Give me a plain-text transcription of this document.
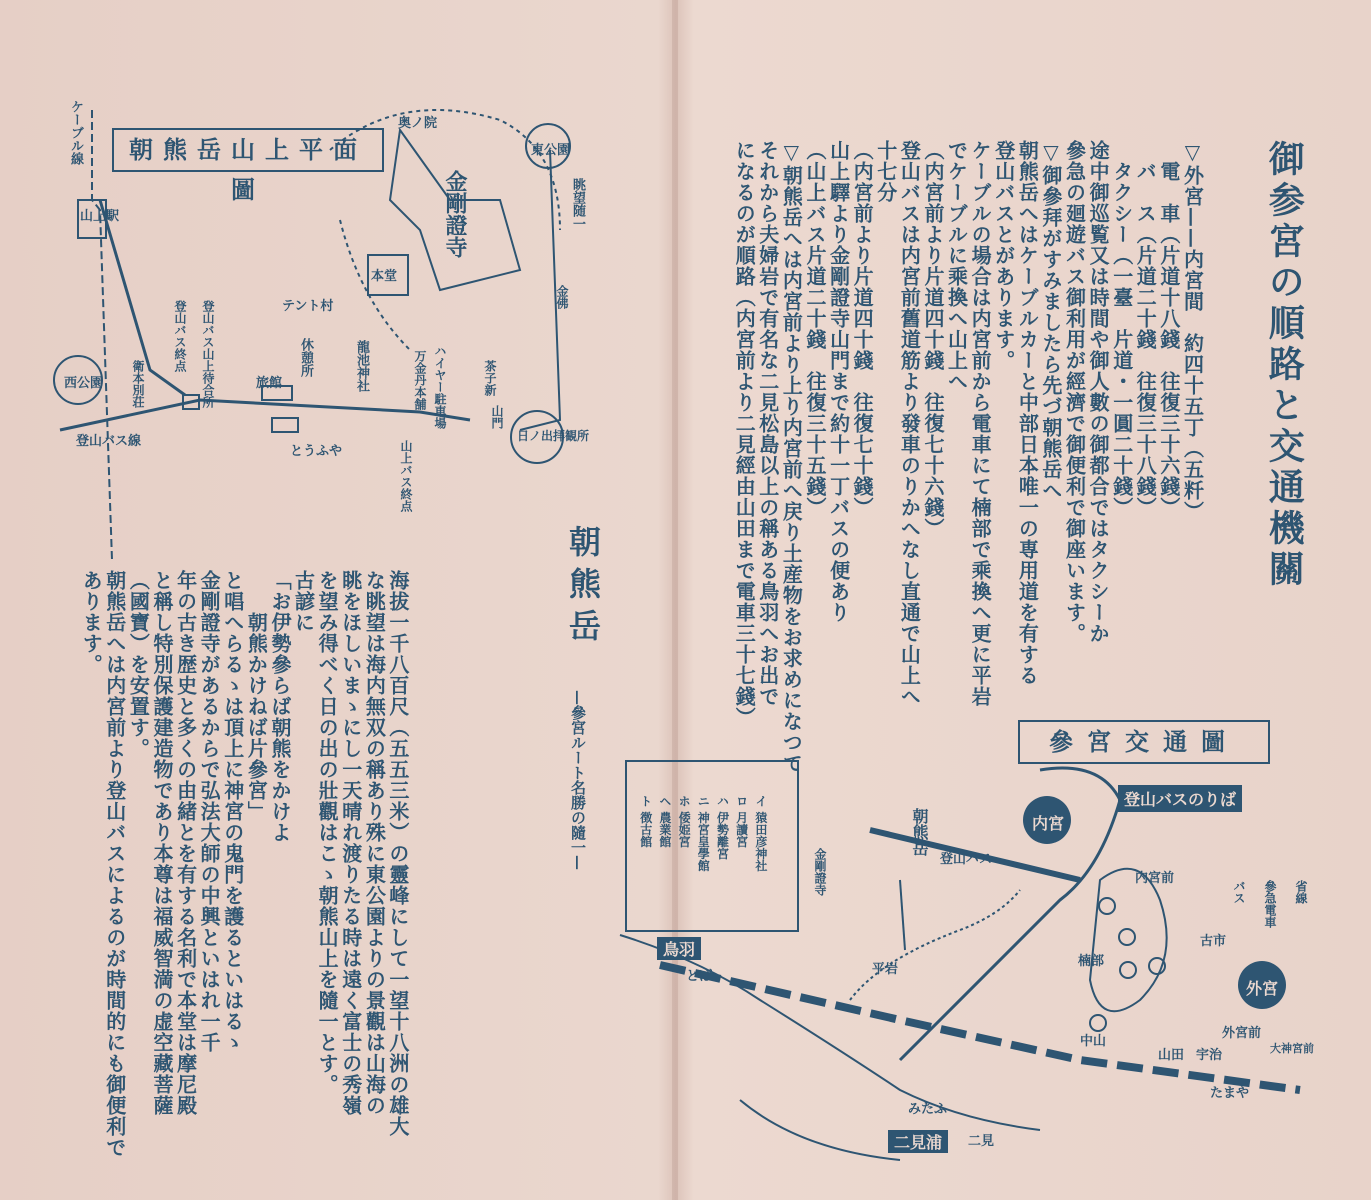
御参宮の順路と交通機關

▽外宮——内宮間　約四十五丁（五粁）
　電　車（片道十八錢　往復三十六錢）
　バ　ス（片道二十錢　往復三十八錢）
　タクシー（一臺　片道・一圓二十錢）
途中御巡覧又は時間や御人數の御都合ではタクシーか
參急の廻遊バス御利用が經濟で御便利で御座います。
▽御參拜がすみましたら先づ朝熊岳へ
朝熊岳へはケーブルカーと中部日本唯一の専用道を有する
登山バスとがあります。
ケーブルの場合は内宮前から電車にて楠部で乘換へ更に平岩
でケーブルに乘換へ山上へ
（内宮前より片道四十錢　往復七十六錢）
登山バスは内宮前舊道筋より發車のりかへなし直通で山上へ
十七分
（内宮前より片道四十錢　往復七十錢）
山上驛より金剛證寺山門まで約十一丁バスの便あり
（山上バス片道二十錢　往復三十五錢）
▽朝熊岳へは内宮前より上り内宮前へ戻り土産物をお求めになつて
それから夫婦岩で有名な二見松島以上の稱ある鳥羽へお出で
になるのが順路（内宮前より二見經由山田まで電車三十七錢）

參宮交通圖
内宮
外宮
登山バスのりば
登山バス
朝熊岳
金剛證寺
鳥羽
とば
楠部
平岩
内宮前
古市
中山
外宮前
大神宮前
山田 宇治
二見浦	二見
みたふ
たまや
省線
參急電車
バス

イ 猿田彦神社
ロ 月讀宮
ハ 伊勢離宮
ニ 神宮皇學館
ホ 倭姫宮
ヘ 農業館
ト 徴古館

朝熊岳山上平面圖
ケーブル線
山上駅
東公園
奥ノ院
眺望随一
金剛證寺
本堂
テント村
休憩所	龍池神社
登山バス山上待合所
登山バス終点
西公園	旅館
衛本別荘
とうふや
ハイヤー駐車場
万金丹本舗	茶子新
山門
日ノ出拝観所
山上バス終点
登山バス線
金佛
朝熊岳
—參宮ルート名勝の隨一—

海拔一千八百尺（五五三米）の靈峰にして一望十八洲の雄大
な眺望は海内無双の稱あり殊に東公園よりの景觀は山海の
眺をほしいまゝにし一天晴れ渡りたる時は遠く富士の秀嶺
を望み得べく日の出の壯觀はこゝ朝熊山上を隨一とす。
古諺に
「お伊勢參らば朝熊をかけよ
　　朝熊かけねば片參宮」
と唱へらるゝは頂上に神宮の鬼門を護るといはるゝ
金剛證寺があるからで弘法大師の中興といはれ一千
年の古き歴史と多くの由緒とを有する名利で本堂は摩尼殿
と稱し特別保護建造物であり本尊は福威智満の虚空藏菩薩
（國寶）を安置す。
朝熊岳へは内宮前より登山バスによるのが時間的にも御便利で
あります。
